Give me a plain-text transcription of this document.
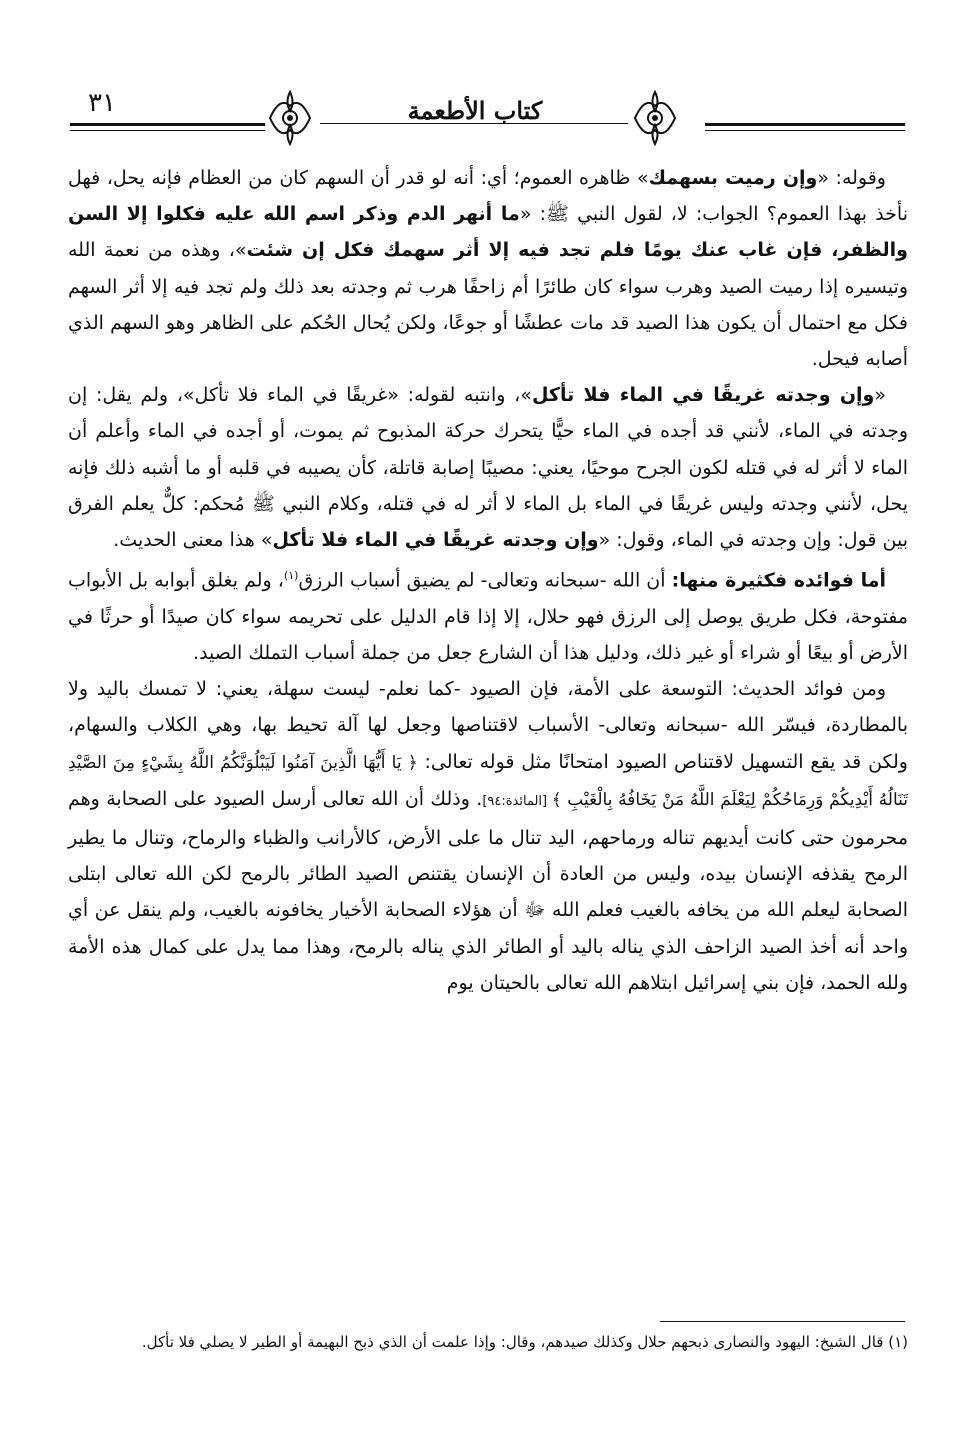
٣١	كتاب الأطعمة

وقوله: «وإن رميت بسهمك» ظاهره العموم؛ أي: أنه لو قدر أن السهم كان من العظام فإنه يحل، فهل نأخذ بهذا العموم؟ الجواب: لا، لقول النبي ﷺ: «ما أنهر الدم وذكر اسم الله عليه فكلوا إلا السن والظفر، فإن غاب عنك يومًا فلم تجد فيه إلا أثر سهمك فكل إن شئت»، وهذه من نعمة الله وتيسيره إذا رميت الصيد وهرب سواء كان طائرًا أم زاحفًا هرب ثم وجدته بعد ذلك ولم تجد فيه إلا أثر السهم فكل مع احتمال أن يكون هذا الصيد قد مات عطشًا أو جوعًا، ولكن يُحال الحُكم على الظاهر وهو السهم الذي أصابه فيحل.

«وإن وجدته غريقًا في الماء فلا تأكل»، وانتبه لقوله: «غريقًا في الماء فلا تأكل»، ولم يقل: إن وجدته في الماء، لأنني قد أجده في الماء حيًّا يتحرك حركة المذبوح ثم يموت، أو أجده في الماء وأعلم أن الماء لا أثر له في قتله لكون الجرح موحيًا، يعني: مصيبًا إصابة قاتلة، كأن يصيبه في قلبه أو ما أشبه ذلك فإنه يحل، لأنني وجدته وليس غريقًا في الماء بل الماء لا أثر له في قتله، وكلام النبي ﷺ مُحكم: كلٌّ يعلم الفرق بين قول: وإن وجدته في الماء، وقول: «وإن وجدته غريقًا في الماء فلا تأكل» هذا معنى الحديث.

أما فوائده فكثيرة منها: أن الله -سبحانه وتعالى- لم يضيق أسباب الرزق$^{(١)}$، ولم يغلق أبوابه بل الأبواب مفتوحة، فكل طريق يوصل إلى الرزق فهو حلال، إلا إذا قام الدليل على تحريمه سواء كان صيدًا أو حرثًا في الأرض أو بيعًا أو شراء أو غير ذلك، ودليل هذا أن الشارع جعل من جملة أسباب التملك الصيد.

ومن فوائد الحديث: التوسعة على الأمة، فإن الصيود -كما نعلم- ليست سهلة، يعني: لا تمسك باليد ولا بالمطاردة، فيسّر الله -سبحانه وتعالى- الأسباب لاقتناصها وجعل لها آلة تحيط بها، وهي الكلاب والسهام، ولكن قد يقع التسهيل لاقتناص الصيود امتحانًا مثل قوله تعالى: ﴿ يَا أَيُّهَا الَّذِينَ آمَنُوا لَيَبْلُوَنَّكُمُ اللَّهُ بِشَيْءٍ مِنَ الصَّيْدِ تَنَالُهُ أَيْدِيكُمْ وَرِمَاحُكُمْ لِيَعْلَمَ اللَّهُ مَنْ يَخَافُهُ بِالْغَيْبِ ﴾ [المائدة:٩٤]. وذلك أن الله تعالى أرسل الصيود على الصحابة وهم محرمون حتى كانت أيديهم تناله ورماحهم، اليد تنال ما على الأرض، كالأرانب والظباء والرماح، وتنال ما يطير الرمح يقذفه الإنسان بيده، وليس من العادة أن الإنسان يقتنص الصيد الطائر بالرمح لكن الله تعالى ابتلى الصحابة ليعلم الله من يخافه بالغيب فعلم الله ﷻ أن هؤلاء الصحابة الأخيار يخافونه بالغيب، ولم ينقل عن أي واحد أنه أخذ الصيد الزاحف الذي يناله باليد أو الطائر الذي يناله بالرمح، وهذا مما يدل على كمال هذه الأمة ولله الحمد، فإن بني إسرائيل ابتلاهم الله تعالى بالحيتان يوم

(١) قال الشيخ: اليهود والنصارى ذبحهم حلال وكذلك صيدهم، وقال: وإذا علمت أن الذي ذبح البهيمة أو الطير لا يصلي فلا تأكل.
